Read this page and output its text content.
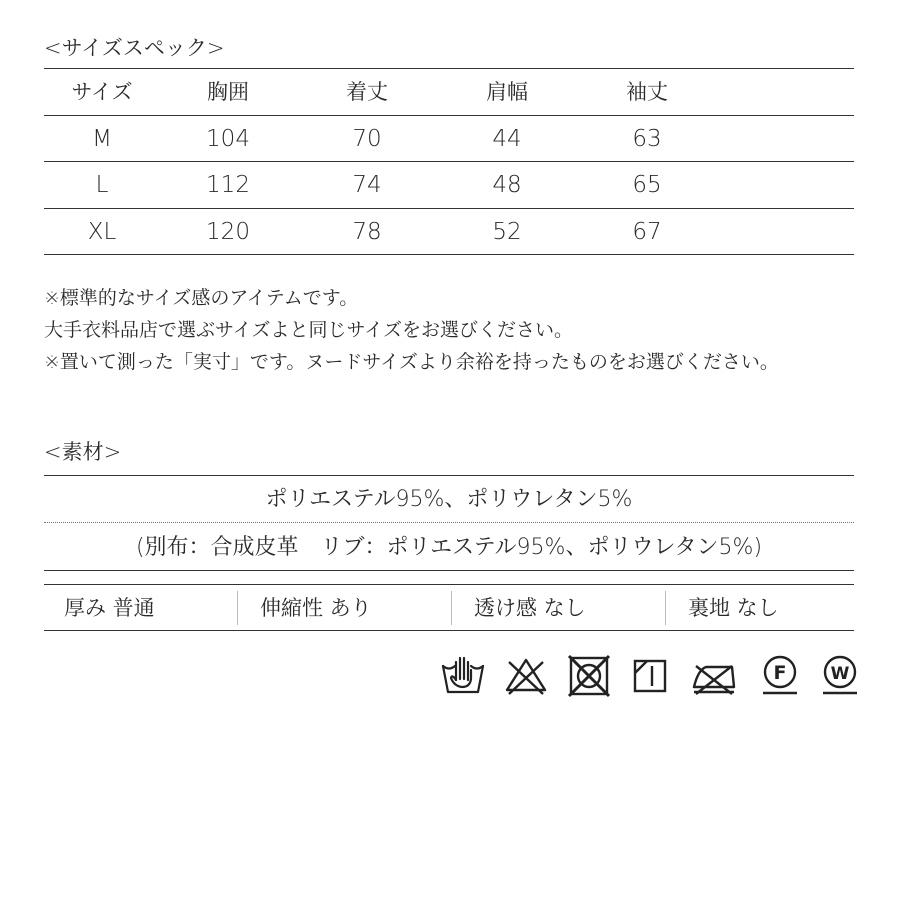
<サイズスペック>
サイズ	胸囲	着丈	肩幅	袖丈
M	104	70	44	63
L	112	74	48	65
XL	120	78	52	67
※標準的なサイズ感のアイテムです。
大手衣料品店で選ぶサイズよと同じサイズをお選びください。
※置いて測った「実寸」です。ヌードサイズより余裕を持ったものをお選びください。
<素材>
ポリエステル95%、ポリウレタン5%
(別布：合成皮革　リブ：ポリエステル95%、ポリウレタン5%)
厚み 普通	伸縮性 あり	透け感 なし	裏地 なし
F	W
